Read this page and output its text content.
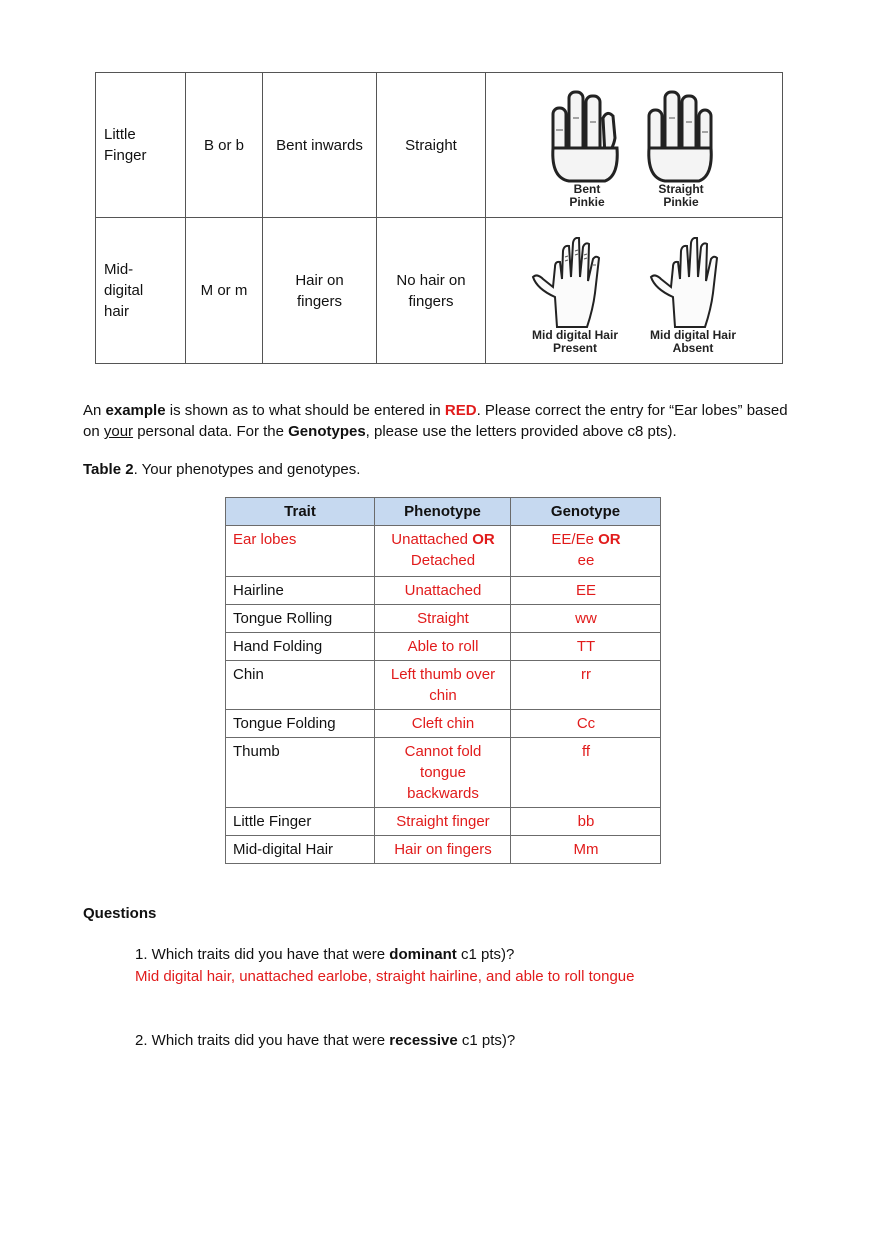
Little Finger	B or b	Bent inwards	Straight	Bent Pinkie
Straight Pinkie

Mid-digital hair	M or m	Hair on fingers	No hair on fingers	Mid digital Hair Present
Mid digital Hair Absent

An example is shown as to what should be entered in RED. Please correct the entry for “Ear lobes” based on your personal data. For the Genotypes, please use the letters provided above с8 pts).

Table 2. Your phenotypes and genotypes.

Trait	Phenotype	Genotype
Ear lobes	Unattached OR Detached	EE/Ee OR
ee
Hairline	Unattached	EE
Tongue Rolling	Straight	ww
Hand Folding	Able to roll	TT
Chin	Left thumb over chin	rr
Tongue Folding	Cleft chin	Cc
Thumb	Cannot fold tongue backwards	ff
Little Finger	Straight finger	bb
Mid-digital Hair	Hair on fingers	Mm

Questions

1. Which traits did you have that were dominant с1 pts)?

Mid digital hair, unattached earlobe, straight hairline, and able to roll tongue

2. Which traits did you have that were recessive с1 pts)?
